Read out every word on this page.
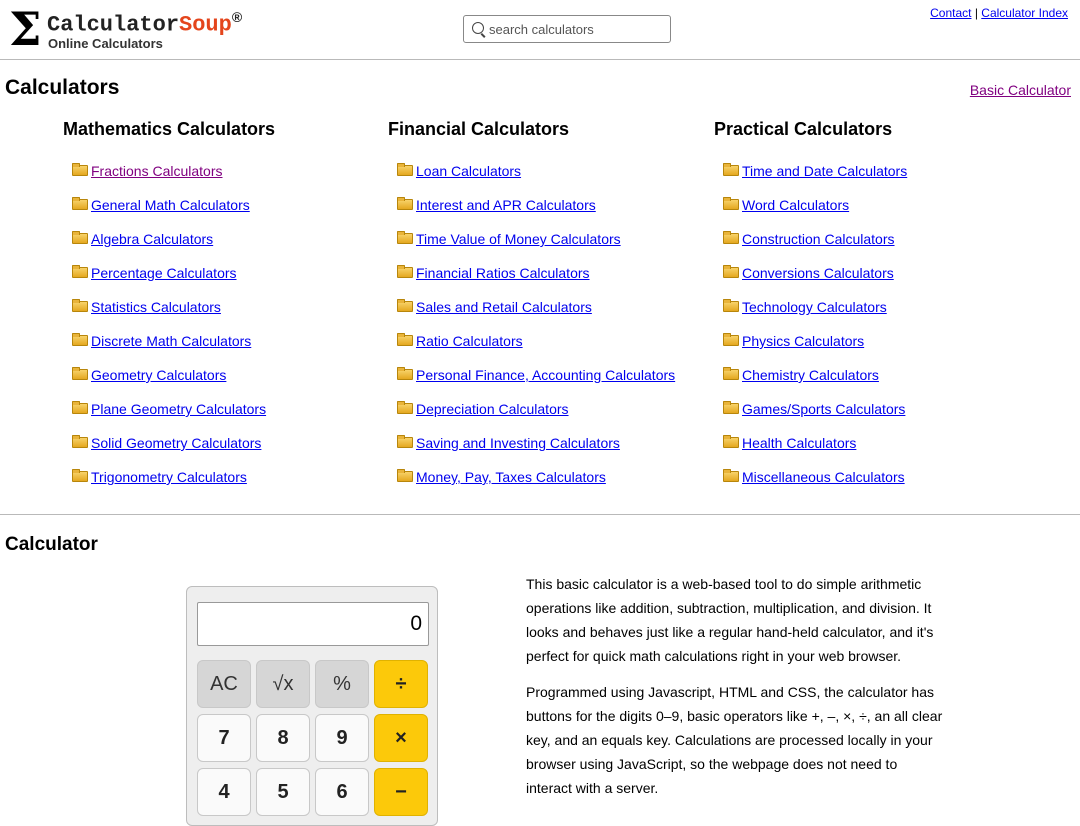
Σ CalculatorSoup®
Online Calculators
search calculators
Contact | Calculator Index
Calculators	Basic Calculator
Mathematics Calculators
Fractions Calculators
General Math Calculators
Algebra Calculators
Percentage Calculators
Statistics Calculators
Discrete Math Calculators
Geometry Calculators
Plane Geometry Calculators
Solid Geometry Calculators
Trigonometry Calculators
Financial Calculators
Loan Calculators
Interest and APR Calculators
Time Value of Money Calculators
Financial Ratios Calculators
Sales and Retail Calculators
Ratio Calculators
Personal Finance, Accounting Calculators
Depreciation Calculators
Saving and Investing Calculators
Money, Pay, Taxes Calculators
Practical Calculators
Time and Date Calculators
Word Calculators
Construction Calculators
Conversions Calculators
Technology Calculators
Physics Calculators
Chemistry Calculators
Games/Sports Calculators
Health Calculators
Miscellaneous Calculators
Calculator
0
AC	√x	%	÷
7	8	9	×
4	5	6	−

This basic calculator is a web-based tool to do simple arithmetic operations like addition, subtraction, multiplication, and division. It looks and behaves just like a regular hand-held calculator, and it's perfect for quick math calculations right in your web browser.

Programmed using Javascript, HTML and CSS, the calculator has buttons for the digits 0–9, basic operators like +, –, ×, ÷, an all clear key, and an equals key. Calculations are processed locally in your browser using JavaScript, so the webpage does not need to interact with a server.
